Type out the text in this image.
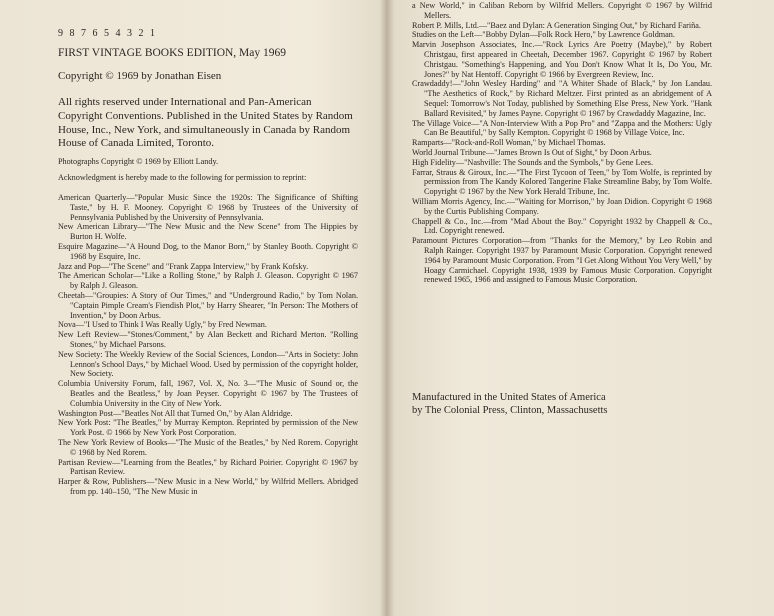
9 8 7 6 5 4 3 2 1
FIRST VINTAGE BOOKS EDITION, May 1969
Copyright © 1969 by Jonathan Eisen
All rights reserved under International and Pan-American Copyright Conventions. Published in the United States by Random House, Inc., New York, and simultaneously in Canada by Random House of Canada Limited, Toronto.
Photographs Copyright © 1969 by Elliott Landy.
Acknowledgment is hereby made to the following for permission to reprint:
American Quarterly—"Popular Music Since the 1920s: The Significance of Shifting Taste," by H. F. Mooney. Copyright © 1968 by Trustees of the University of Pennsylvania Published by the University of Pennsylvania.
New American Library—"The New Music and the New Scene" from The Hippies by Burton H. Wolfe.
Esquire Magazine—"A Hound Dog, to the Manor Born," by Stanley Booth. Copyright © 1968 by Esquire, Inc.
Jazz and Pop—"The Scene" and "Frank Zappa Interview," by Frank Kofsky.
The American Scholar—"Like a Rolling Stone," by Ralph J. Gleason. Copyright © 1967 by Ralph J. Gleason.
Cheetah—"Groupies: A Story of Our Times," and "Underground Radio," by Tom Nolan. "Captain Pimple Cream's Fiendish Plot," by Harry Shearer, "In Person: The Mothers of Invention," by Doon Arbus.
Nova—"I Used to Think I Was Really Ugly," by Fred Newman.
New Left Review—"Stones/Comment," by Alan Beckett and Richard Merton. "Rolling Stones," by Michael Parsons.
New Society: The Weekly Review of the Social Sciences, London—"Arts in Society: John Lennon's School Days," by Michael Wood. Used by permission of the copyright holder, New Society.
Columbia University Forum, fall, 1967, Vol. X, No. 3—"The Music of Sound or, the Beatles and the Beatless," by Joan Peyser. Copyright © 1967 by The Trustees of Columbia University in the City of New York.
Washington Post—"Beatles Not All that Turned On," by Alan Aldridge.
New York Post: "The Beatles," by Murray Kempton. Reprinted by permission of the New York Post. © 1966 by New York Post Corporation.
The New York Review of Books—"The Music of the Beatles," by Ned Rorem. Copyright © 1968 by Ned Rorem.
Partisan Review—"Learning from the Beatles," by Richard Poirier. Copyright © 1967 by Partisan Review.
Harper & Row, Publishers—"New Music in a New World," by Wilfrid Mellers. Abridged from pp. 140–150, "The New Music in
a New World," in Caliban Reborn by Wilfrid Mellers. Copyright © 1967 by Wilfrid Mellers.
Robert P. Mills, Ltd.—"Baez and Dylan: A Generation Singing Out," by Richard Fariña.
Studies on the Left—"Bobby Dylan—Folk Rock Hero," by Lawrence Goldman.
Marvin Josephson Associates, Inc.—"Rock Lyrics Are Poetry (Maybe)," by Robert Christgau, first appeared in Cheetah, December 1967. Copyright © 1967 by Robert Christgau. "Something's Happening, and You Don't Know What It Is, Do You, Mr. Jones?" by Nat Hentoff. Copyright © 1966 by Evergreen Review, Inc.
Crawdaddy!—"John Wesley Harding" and "A Whiter Shade of Black," by Jon Landau. "The Aesthetics of Rock," by Richard Meltzer. First printed as an abridgement of A Sequel: Tomorrow's Not Today, published by Something Else Press, New York. "Hank Ballard Revisited," by James Payne. Copyright © 1967 by Crawdaddy Magazine, Inc.
The Village Voice—"A Non-Interview With a Pop Pro" and "Zappa and the Mothers: Ugly Can Be Beautiful," by Sally Kempton. Copyright © 1968 by Village Voice, Inc.
Ramparts—"Rock-and-Roll Woman," by Michael Thomas.
World Journal Tribune—"James Brown Is Out of Sight," by Doon Arbus.
High Fidelity—"Nashville: The Sounds and the Symbols," by Gene Lees.
Farrar, Straus & Giroux, Inc.—"The First Tycoon of Teen," by Tom Wolfe, is reprinted by permission from The Kandy Kolored Tangerine Flake Streamline Baby, by Tom Wolfe. Copyright © 1967 by the New York Herald Tribune, Inc.
William Morris Agency, Inc.—"Waiting for Morrison," by Joan Didion. Copyright © 1968 by the Curtis Publishing Company.
Chappell & Co., Inc.—from "Mad About the Boy." Copyright 1932 by Chappell & Co., Ltd. Copyright renewed.
Paramount Pictures Corporation—from "Thanks for the Memory," by Leo Robin and Ralph Rainger. Copyright 1937 by Paramount Music Corporation. Copyright renewed 1964 by Paramount Music Corporation. From "I Get Along Without You Very Well," by Hoagy Carmichael. Copyright 1938, 1939 by Famous Music Corporation. Copyright renewed 1965, 1966 and assigned to Famous Music Corporation.
Manufactured in the United States of America
by The Colonial Press, Clinton, Massachusetts
